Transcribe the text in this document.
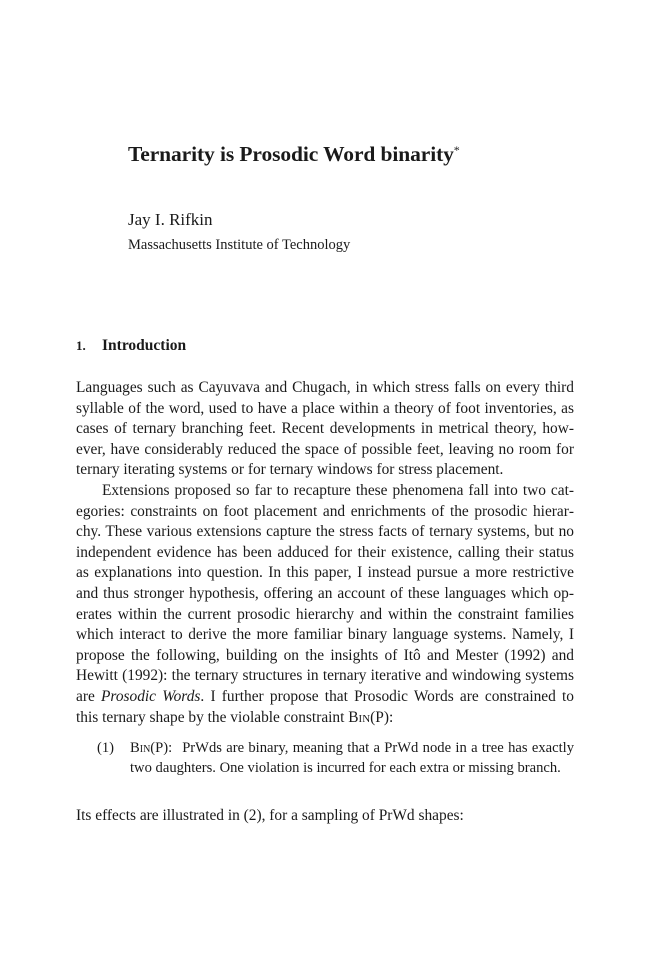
Ternarity is Prosodic Word binarity*
Jay I. Rifkin
Massachusetts Institute of Technology
1. Introduction
Languages such as Cayuvava and Chugach, in which stress falls on every third syllable of the word, used to have a place within a theory of foot inventories, as cases of ternary branching feet. Recent developments in metrical theory, however, have considerably reduced the space of possible feet, leaving no room for ternary iterating systems or for ternary windows for stress placement.
Extensions proposed so far to recapture these phenomena fall into two categories: constraints on foot placement and enrichments of the prosodic hierarchy. These various extensions capture the stress facts of ternary systems, but no independent evidence has been adduced for their existence, calling their status as explanations into question. In this paper, I instead pursue a more restrictive and thus stronger hypothesis, offering an account of these languages which operates within the current prosodic hierarchy and within the constraint families which interact to derive the more familiar binary language systems. Namely, I propose the following, building on the insights of Itô and Mester (1992) and Hewitt (1992): the ternary structures in ternary iterative and windowing systems are Prosodic Words. I further propose that Prosodic Words are constrained to this ternary shape by the violable constraint Bin(P):
(1) Bin(P): PrWds are binary, meaning that a PrWd node in a tree has exactly two daughters. One violation is incurred for each extra or missing branch.
Its effects are illustrated in (2), for a sampling of PrWd shapes:
